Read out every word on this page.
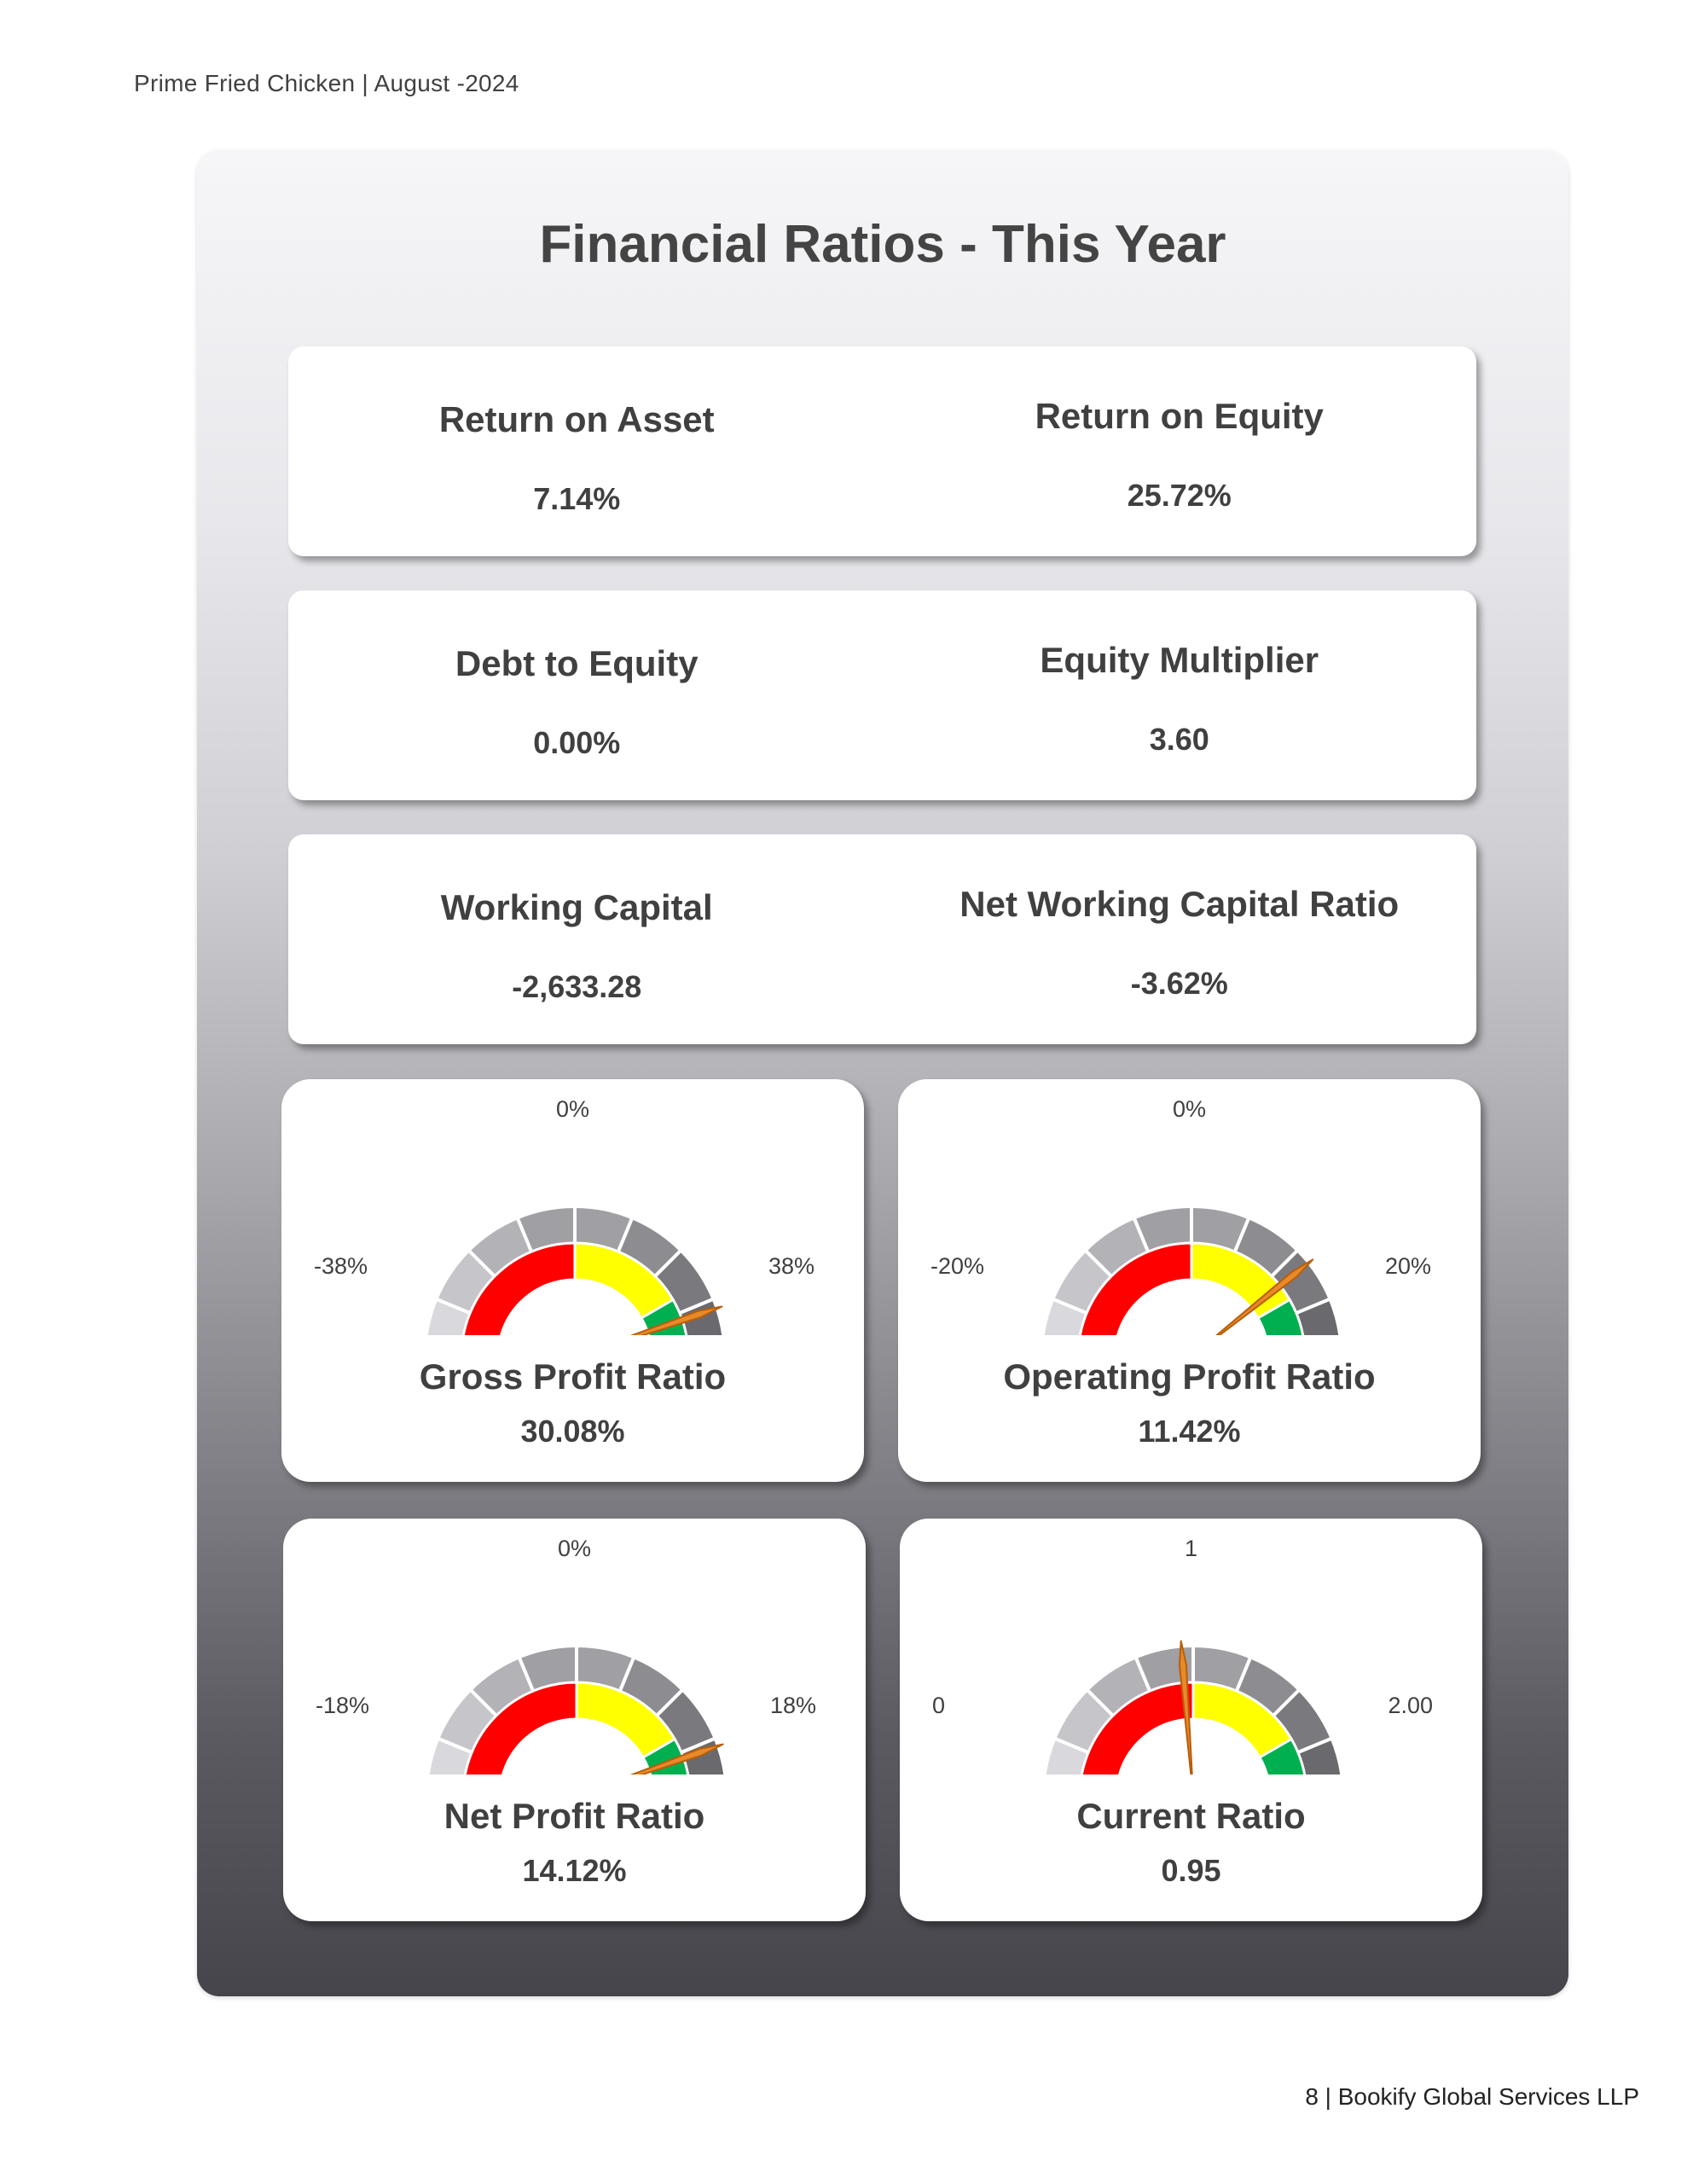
Prime Fried Chicken | August -2024
Financial Ratios - This Year
Return on Asset
7.14%
Return on Equity
25.72%
Debt to Equity
0.00%
Equity Multiplier
3.60
Working Capital
-2,633.28
Net Working Capital Ratio
-3.62%
0%
-38%	38%
Gross Profit Ratio
30.08%
0%
-20%	20%
Operating Profit Ratio
11.42%
0%
-18%	18%
Net Profit Ratio
14.12%
1
0	2.00
Current Ratio
0.95
8 | Bookify Global Services LLP
